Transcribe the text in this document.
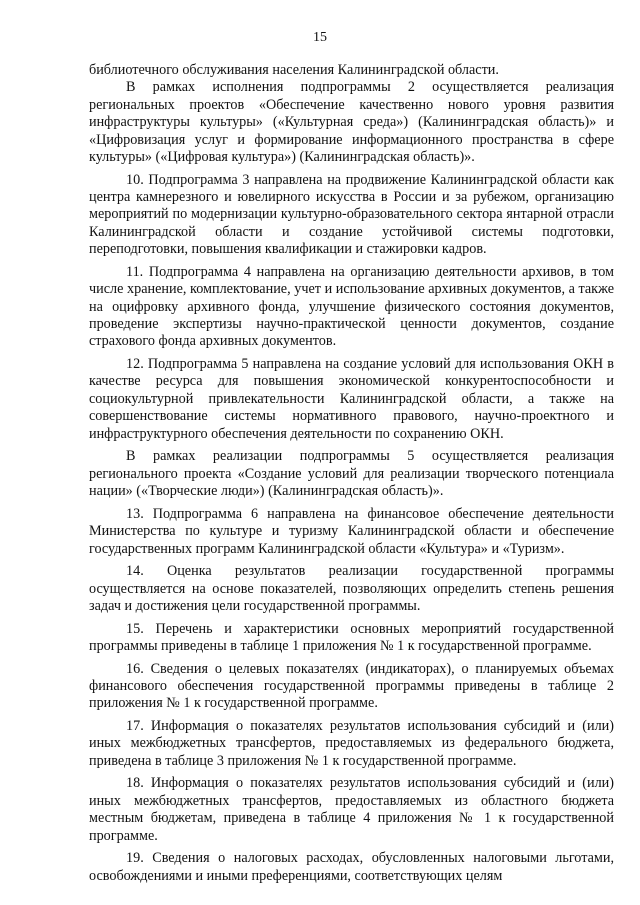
15

библиотечного обслуживания населения Калининградской области.

В рамках исполнения подпрограммы 2 осуществляется реализация региональных проектов «Обеспечение качественно нового уровня развития инфраструктуры культуры» («Культурная среда») (Калининградская область)» и «Цифровизация услуг и формирование информационного пространства в сфере культуры» («Цифровая культура») (Калининградская область)».

10. Подпрограмма 3 направлена на продвижение Калининградской области как центра камнерезного и ювелирного искусства в России и за рубежом, организацию мероприятий по модернизации культурно-образовательного сектора янтарной отрасли Калининградской области и создание устойчивой системы подготовки, переподготовки, повышения квалификации и стажировки кадров.

11. Подпрограмма 4 направлена на организацию деятельности архивов, в том числе хранение, комплектование, учет и использование архивных документов, а также на оцифровку архивного фонда, улучшение физического состояния документов, проведение экспертизы научно-практической ценности документов, создание страхового фонда архивных документов.

12. Подпрограмма 5 направлена на создание условий для использования ОКН в качестве ресурса для повышения экономической конкурентоспособности и социокультурной привлекательности Калининградской области, а также на совершенствование системы нормативного правового, научно-проектного и инфраструктурного обеспечения деятельности по сохранению ОКН.

В рамках реализации подпрограммы 5 осуществляется реализация регионального проекта «Создание условий для реализации творческого потенциала нации» («Творческие люди») (Калининградская область)».

13. Подпрограмма 6 направлена на финансовое обеспечение деятельности Министерства по культуре и туризму Калининградской области и обеспечение государственных программ Калининградской области «Культура» и «Туризм».

14. Оценка результатов реализации государственной программы осуществляется на основе показателей, позволяющих определить степень решения задач и достижения цели государственной программы.

15. Перечень и характеристики основных мероприятий государственной программы приведены в таблице 1 приложения № 1 к государственной программе.

16. Сведения о целевых показателях (индикаторах), о планируемых объемах финансового обеспечения государственной программы приведены в таблице 2 приложения № 1 к государственной программе.

17. Информация о показателях результатов использования субсидий и (или) иных межбюджетных трансфертов, предоставляемых из федерального бюджета, приведена в таблице 3 приложения № 1 к государственной программе.

18. Информация о показателях результатов использования субсидий и (или) иных межбюджетных трансфертов, предоставляемых из областного бюджета местным бюджетам, приведена в таблице 4 приложения № 1 к государственной программе.

19. Сведения о налоговых расходах, обусловленных налоговыми льготами, освобождениями и иными преференциями, соответствующих целям
